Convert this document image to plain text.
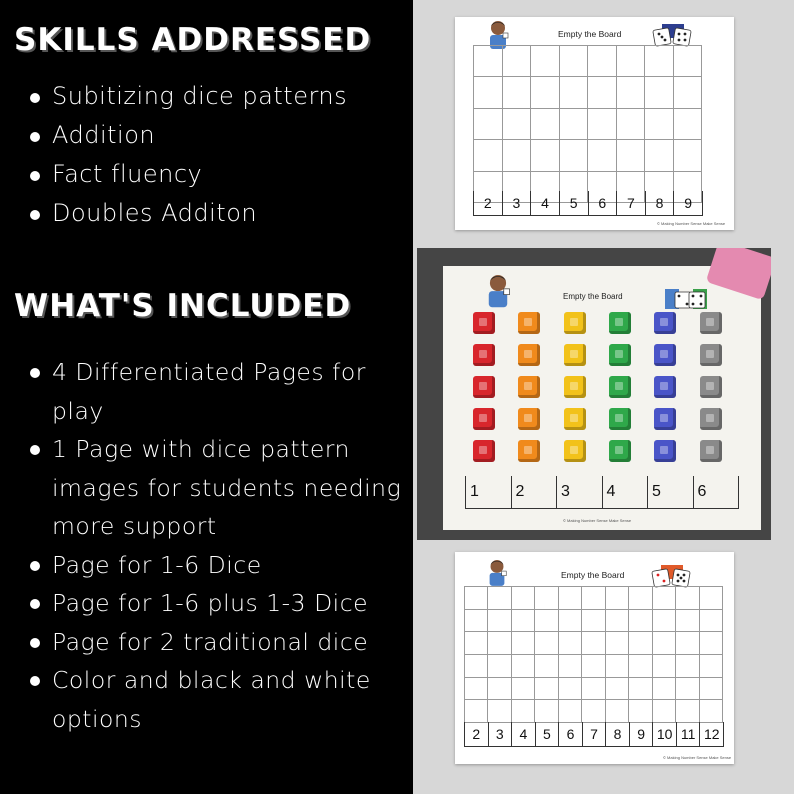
SKILLS ADDRESSED
Subitizing dice patterns
Addition
Fact fluency
Doubles Additon
WHAT'S INCLUDED
4 Differentiated Pages for play
1 Page with dice pattern images for students needing more support
Page for 1-6 Dice
Page for 1-6 plus 1-3 Dice
Page for 2 traditional dice
Color and black and white options
Empty the Board
2	3	4	5	6	7	8	9
© Making Number Sense Make Sense
Empty the Board
1	2	3	4	5	6
© Making Number Sense Make Sense
Empty the Board
2	3	4	5	6	7	8	9 10 11 12
© Making Number Sense Make Sense
